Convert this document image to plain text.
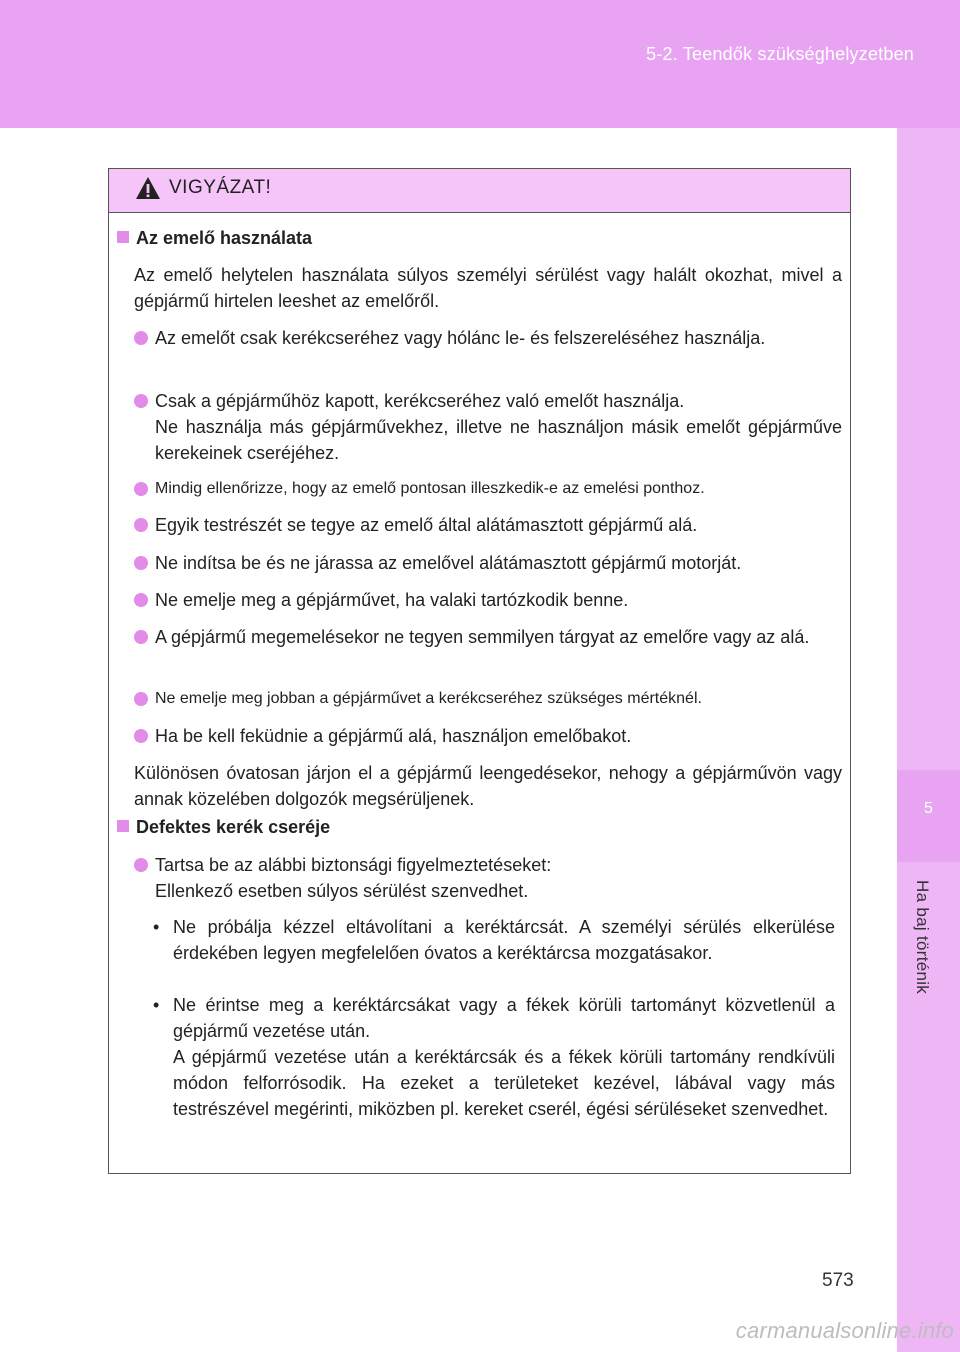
5-2. Teendők szükséghelyzetben
5
Ha baj történik
VIGYÁZAT!
Az emelő használata
Az emelő helytelen használata súlyos személyi sérülést vagy halált okozhat, mivel a gépjármű hirtelen leeshet az emelőről.
Az emelőt csak kerékcseréhez vagy hólánc le- és felszereléséhez használja.
Csak a gépjárműhöz kapott, kerékcseréhez való emelőt használja.
Ne használja más gépjárművekhez, illetve ne használjon másik emelőt gépjárműve kerekeinek cseréjéhez.
Mindig ellenőrizze, hogy az emelő pontosan illeszkedik-e az emelési ponthoz.
Egyik testrészét se tegye az emelő által alátámasztott gépjármű alá.
Ne indítsa be és ne járassa az emelővel alátámasztott gépjármű motorját.
Ne emelje meg a gépjárművet, ha valaki tartózkodik benne.
A gépjármű megemelésekor ne tegyen semmilyen tárgyat az emelőre vagy az alá.
Ne emelje meg jobban a gépjárművet a kerékcseréhez szükséges mértéknél.
Ha be kell feküdnie a gépjármű alá, használjon emelőbakot.
Különösen óvatosan járjon el a gépjármű leengedésekor, nehogy a gépjárművön vagy annak közelében dolgozók megsérüljenek.
Defektes kerék cseréje
Tartsa be az alábbi biztonsági figyelmeztetéseket:
Ellenkező esetben súlyos sérülést szenvedhet.
• Ne próbálja kézzel eltávolítani a keréktárcsát. A személyi sérülés elkerülése érdekében legyen megfelelően óvatos a keréktárcsa mozgatásakor.
• Ne érintse meg a keréktárcsákat vagy a fékek körüli tartományt közvetlenül a gépjármű vezetése után.
A gépjármű vezetése után a keréktárcsák és a fékek körüli tartomány rendkívüli módon felforrósodik. Ha ezeket a területeket kezével, lábával vagy más testrészével megérinti, miközben pl. kereket cserél, égési sérüléseket szenvedhet.
573
carmanualsonline.info
